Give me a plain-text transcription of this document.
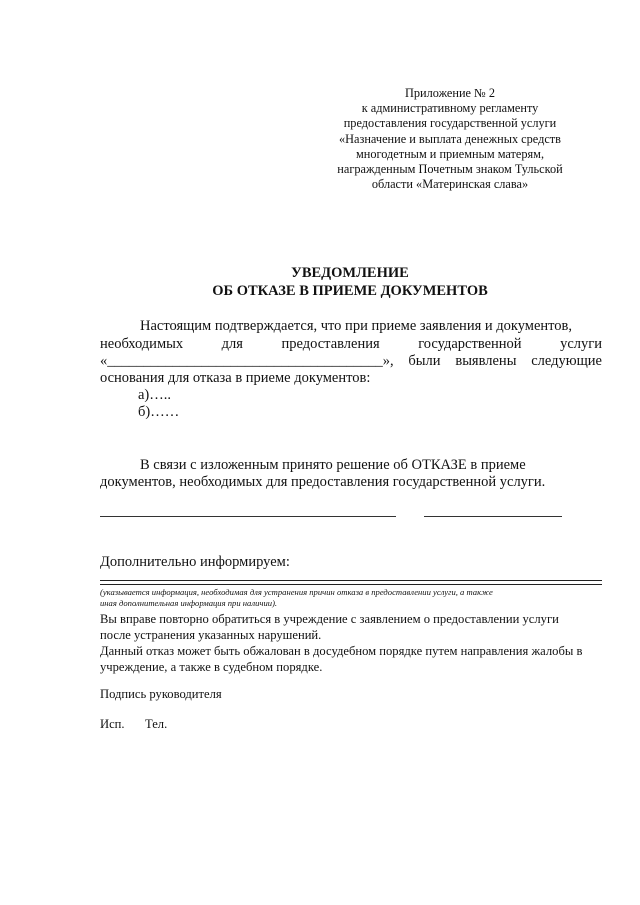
Приложение № 2
к административному регламенту
предоставления государственной услуги
«Назначение и выплата денежных средств
многодетным и приемным матерям,
награжденным Почетным знаком Тульской
области «Материнская слава»
УВЕДОМЛЕНИЕ
ОБ ОТКАЗЕ В ПРИЕМЕ ДОКУМЕНТОВ
Настоящим подтверждается, что при приеме заявления и документов,
необходимых	для	предоставления	государственной	услуги
«______________________________________», были выявлены следующие
основания для отказа в приеме документов:
а)…..
б)……
В связи с изложенным принято решение об ОТКАЗЕ в приеме
документов, необходимых для предоставления государственной услуги.
Дополнительно информируем:
(указывается информация, необходимая для устранения причин отказа в предоставлении услуги, а также
иная дополнительная информация при наличии).
Вы вправе повторно обратиться в учреждение с заявлением о предоставлении услуги
после устранения указанных нарушений.
Данный отказ может быть обжалован в досудебном порядке путем направления жалобы в
учреждение, а также в судебном порядке.
Подпись руководителя
Исп. Тел.
